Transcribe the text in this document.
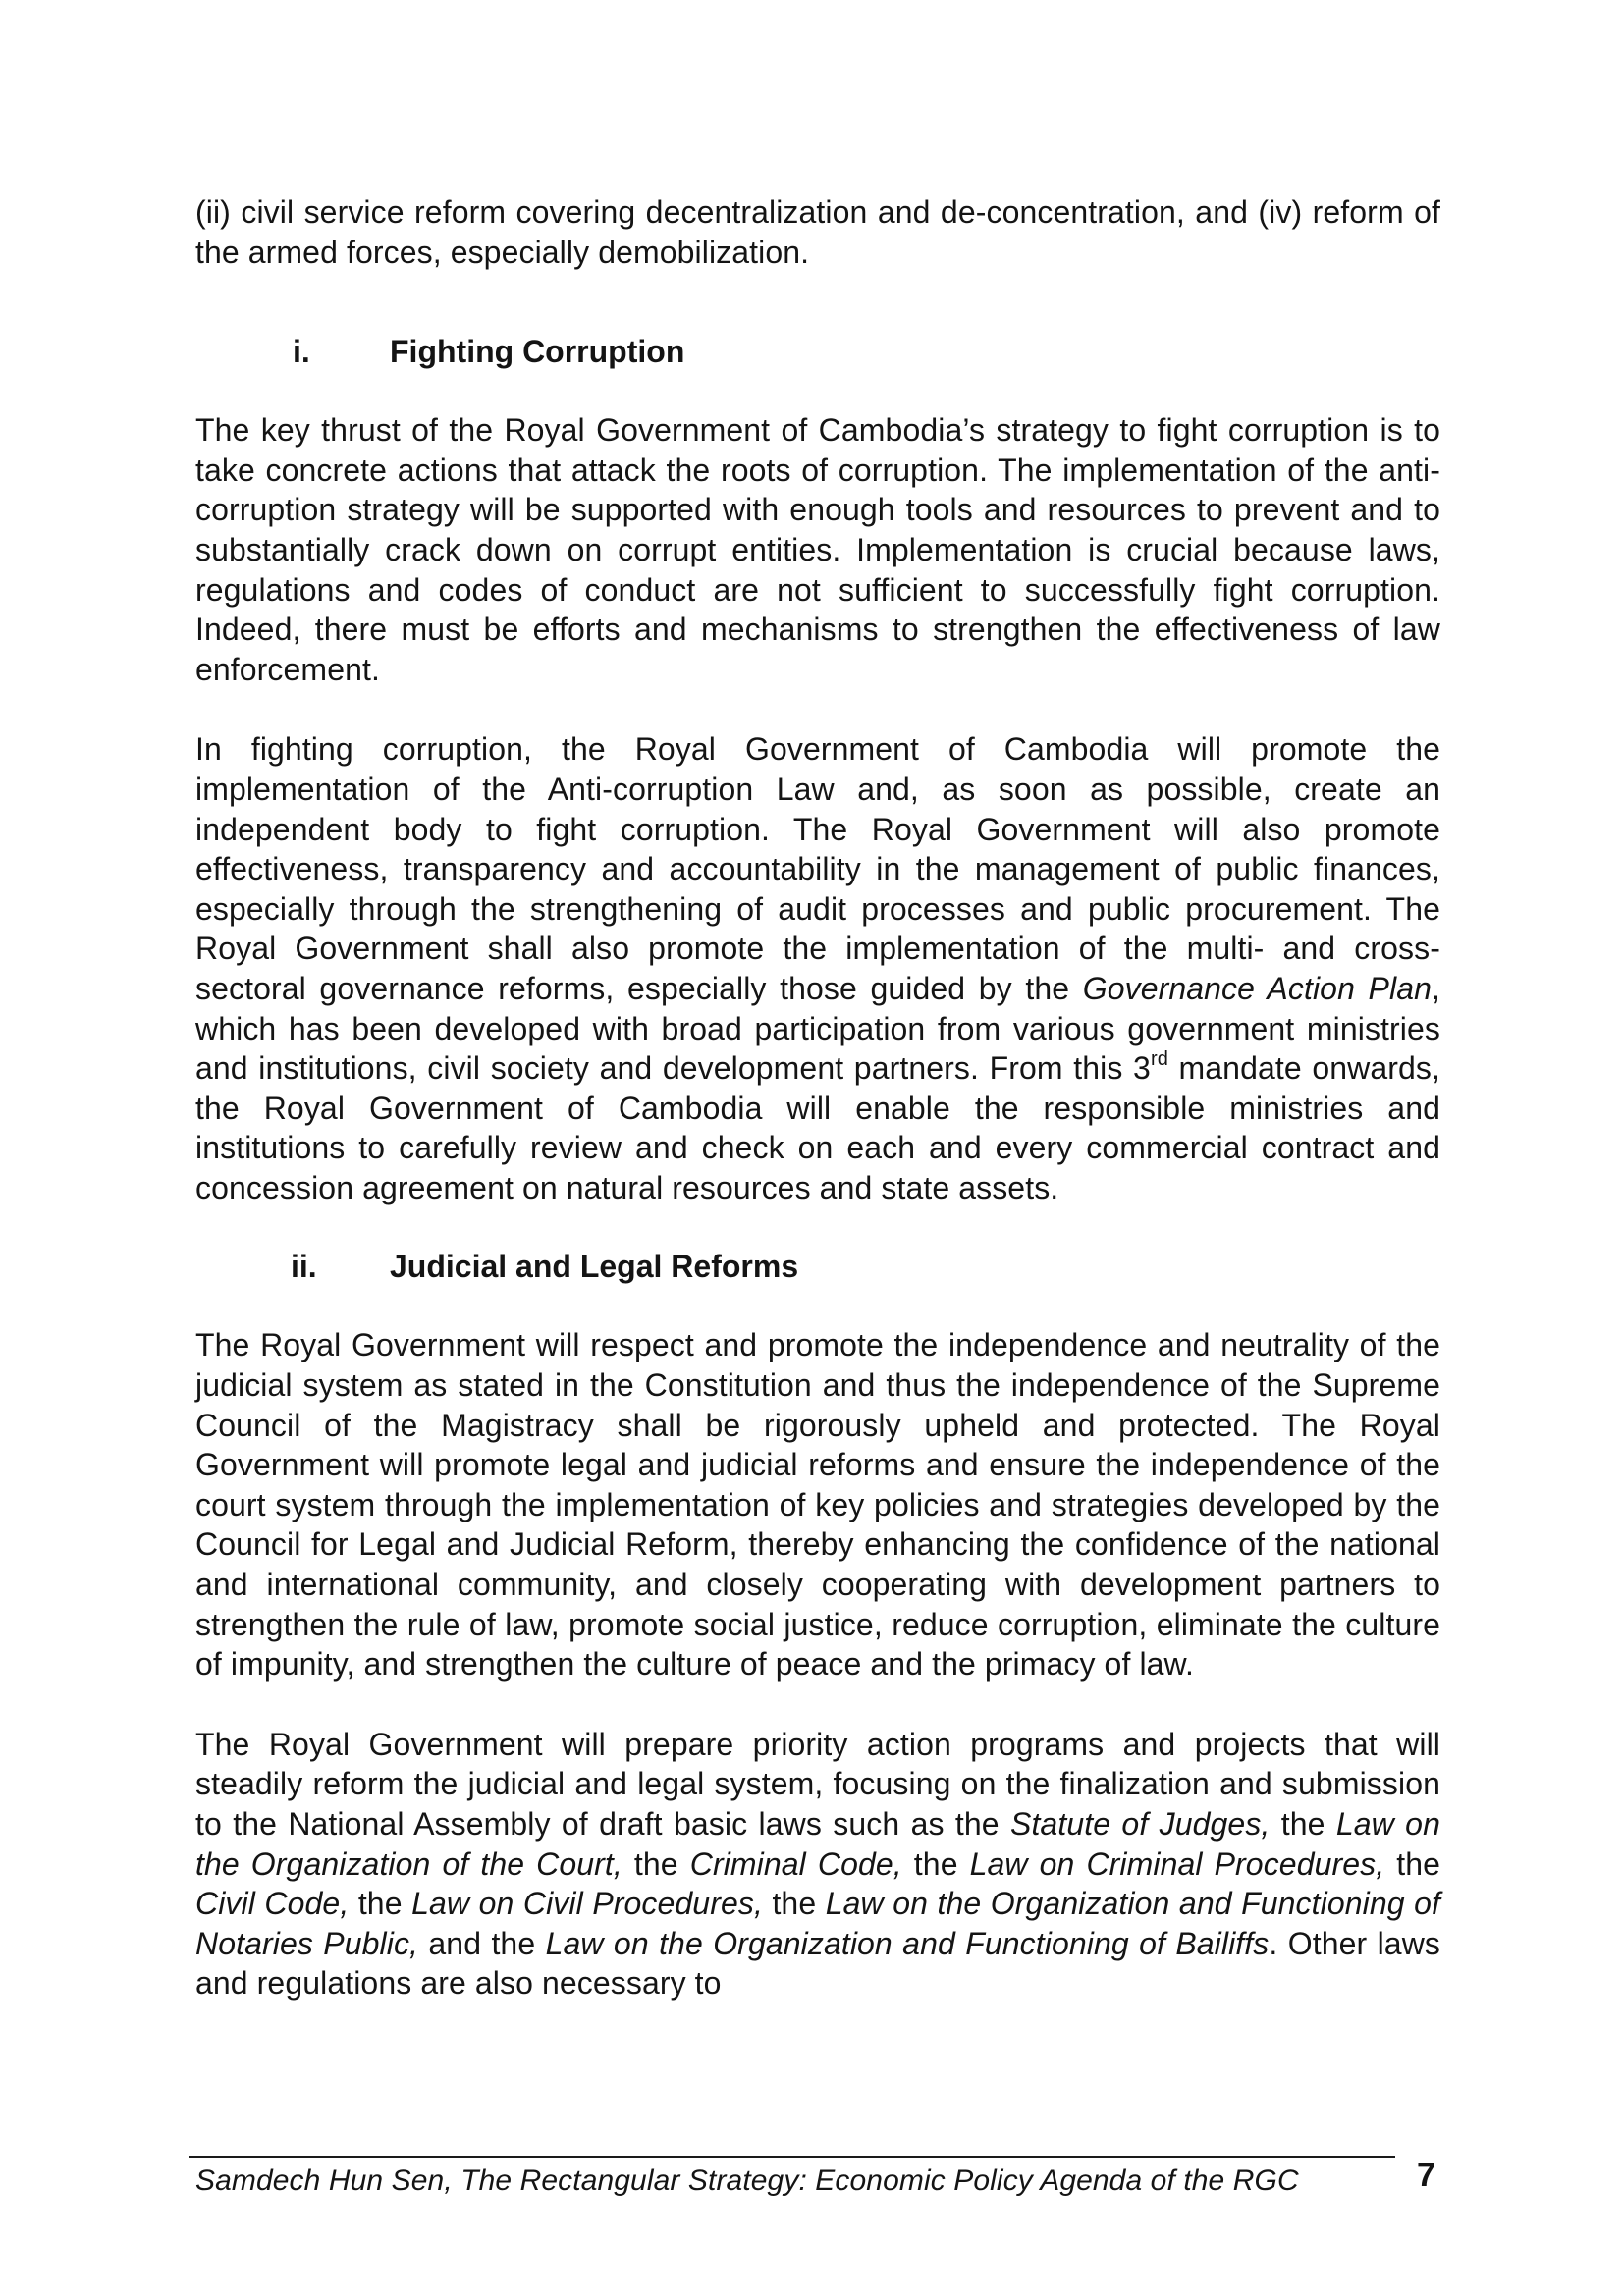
(ii) civil service reform covering decentralization and de-concentration, and (iv) reform of the armed forces, especially demobilization.

i.	Fighting Corruption

The key thrust of the Royal Government of Cambodia’s strategy to fight corruption is to take concrete actions that attack the roots of corruption. The implementation of the anti-corruption strategy will be supported with enough tools and resources to prevent and to substantially crack down on corrupt entities. Implementation is crucial because laws, regulations and codes of conduct are not sufficient to successfully fight corruption. Indeed, there must be efforts and mechanisms to strengthen the effectiveness of law enforcement.

In fighting corruption, the Royal Government of Cambodia will promote the implementation of the Anti-corruption Law and, as soon as possible, create an independent body to fight corruption. The Royal Government will also promote effectiveness, transparency and accountability in the management of public finances, especially through the strengthening of audit processes and public procurement. The Royal Government shall also promote the implementation of the multi- and cross-sectoral governance reforms, especially those guided by the Governance Action Plan, which has been developed with broad participation from various government ministries and institutions, civil society and development partners. From this 3rd mandate onwards, the Royal Government of Cambodia will enable the responsible ministries and institutions to carefully review and check on each and every commercial contract and concession agreement on natural resources and state assets.

ii.	Judicial and Legal Reforms

The Royal Government will respect and promote the independence and neutrality of the judicial system as stated in the Constitution and thus the independence of the Supreme Council of the Magistracy shall be rigorously upheld and protected. The Royal Government will promote legal and judicial reforms and ensure the independence of the court system through the implementation of key policies and strategies developed by the Council for Legal and Judicial Reform, thereby enhancing the confidence of the national and international community, and closely cooperating with development partners to strengthen the rule of law, promote social justice, reduce corruption, eliminate the culture of impunity, and strengthen the culture of peace and the primacy of law.

The Royal Government will prepare priority action programs and projects that will steadily reform the judicial and legal system, focusing on the finalization and submission to the National Assembly of draft basic laws such as the Statute of Judges, the Law on the Organization of the Court, the Criminal Code, the Law on Criminal Procedures, the Civil Code, the Law on Civil Procedures, the Law on the Organization and Functioning of Notaries Public, and the Law on the Organization and Functioning of Bailiffs. Other laws and regulations are also necessary to

Samdech Hun Sen, The Rectangular Strategy: Economic Policy Agenda of the RGC	7
